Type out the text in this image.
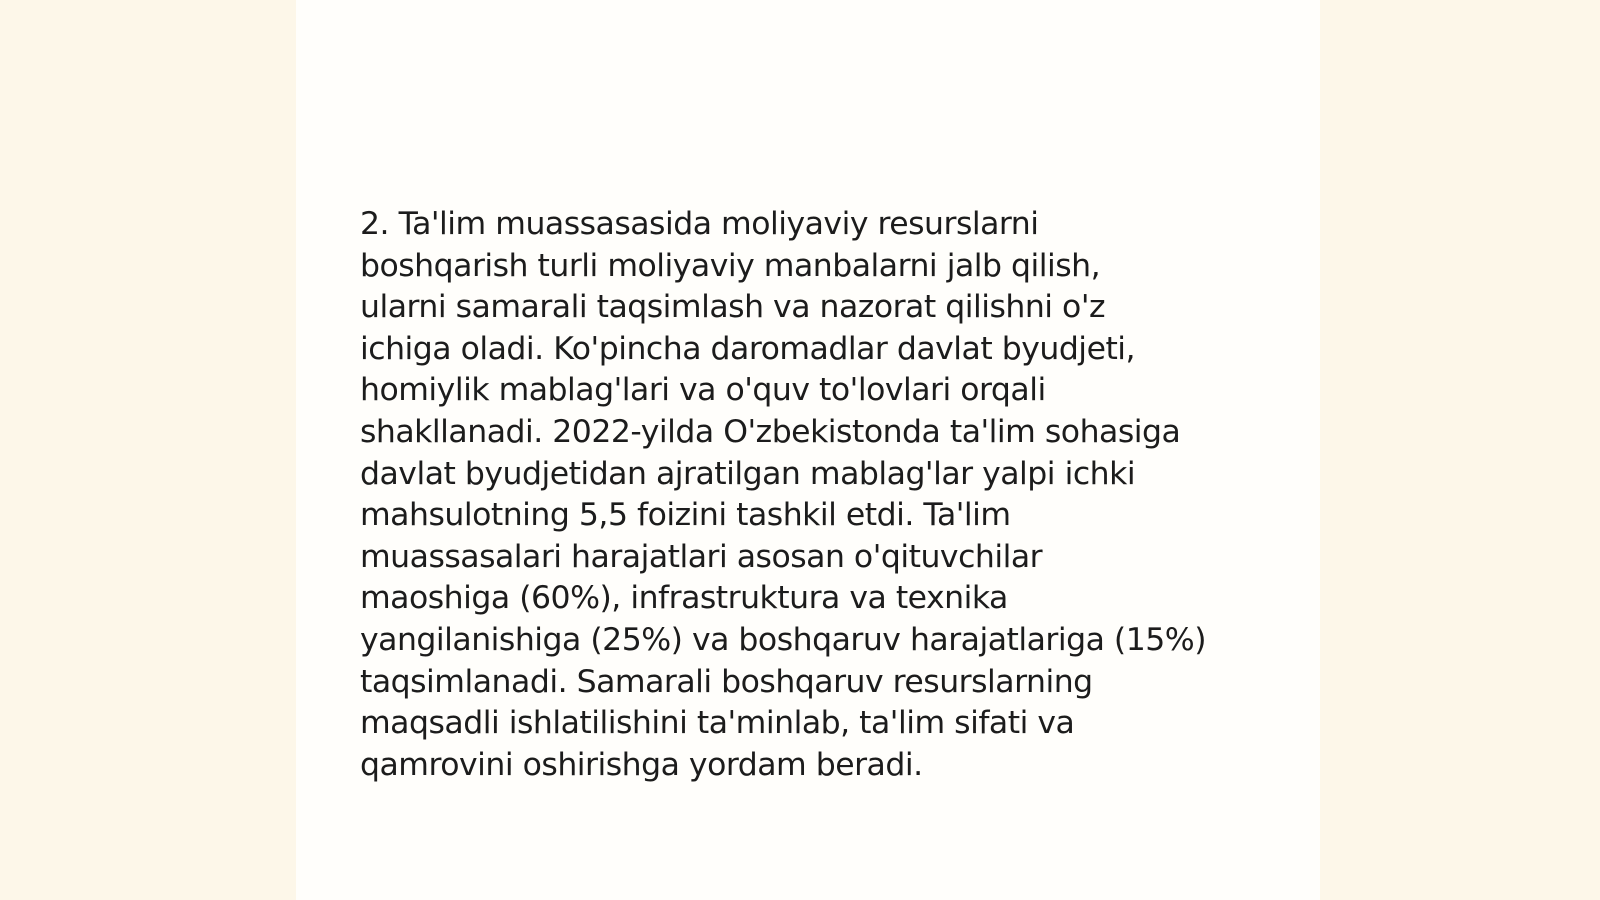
2. Ta'lim muassasasida moliyaviy resurslarni
boshqarish turli moliyaviy manbalarni jalb qilish,
ularni samarali taqsimlash va nazorat qilishni o'z
ichiga oladi. Ko'pincha daromadlar davlat byudjeti,
homiylik mablag'lari va o'quv to'lovlari orqali
shakllanadi. 2022-yilda O'zbekistonda ta'lim sohasiga
davlat byudjetidan ajratilgan mablag'lar yalpi ichki
mahsulotning 5,5 foizini tashkil etdi. Ta'lim
muassasalari harajatlari asosan o'qituvchilar
maoshiga (60%), infrastruktura va texnika
yangilanishiga (25%) va boshqaruv harajatlariga (15%)
taqsimlanadi. Samarali boshqaruv resurslarning
maqsadli ishlatilishini ta'minlab, ta'lim sifati va
qamrovini oshirishga yordam beradi.
